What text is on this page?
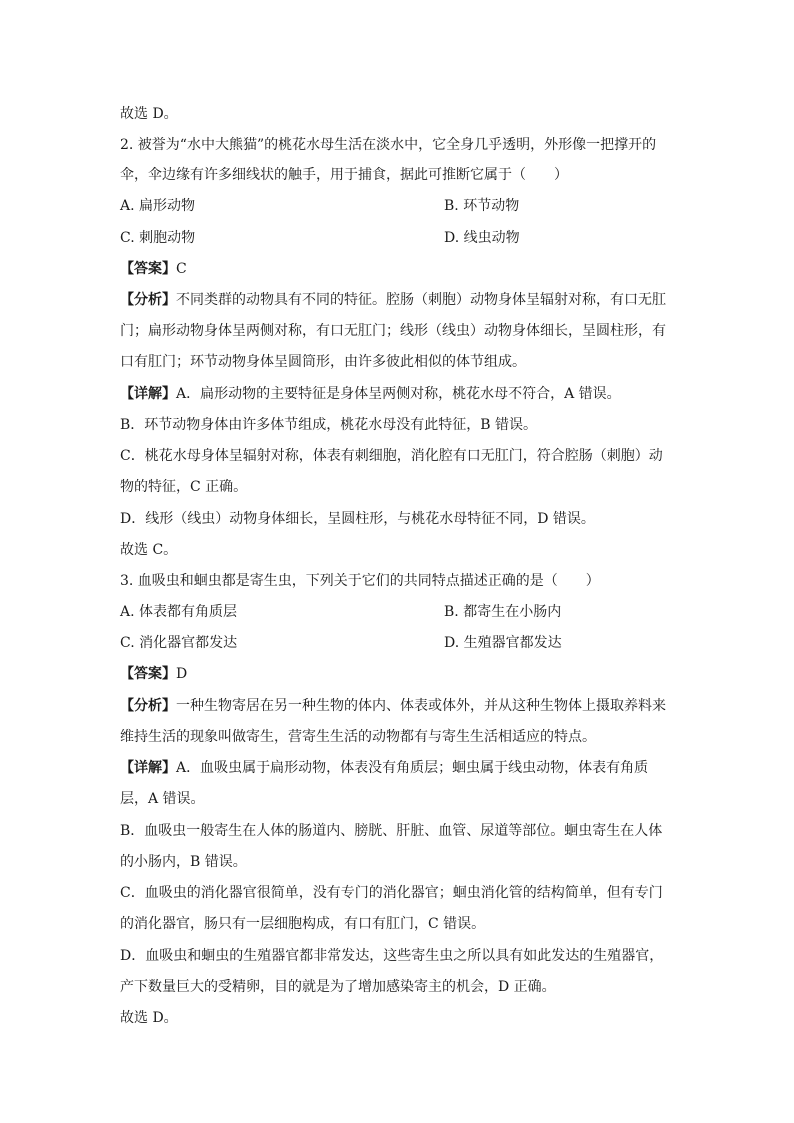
故选 D。
2. 被誉为“水中大熊猫”的桃花水母生活在淡水中，它全身几乎透明，外形像一把撑开的
伞，伞边缘有许多细线状的触手，用于捕食，据此可推断它属于（　　）
A. 扁形动物	B. 环节动物
C. 刺胞动物	D. 线虫动物
【答案】C
【分析】不同类群的动物具有不同的特征。腔肠（刺胞）动物身体呈辐射对称，有口无肛
门；扁形动物身体呈两侧对称，有口无肛门；线形（线虫）动物身体细长，呈圆柱形，有
口有肛门；环节动物身体呈圆筒形，由许多彼此相似的体节组成。
【详解】A．扁形动物的主要特征是身体呈两侧对称，桃花水母不符合，A 错误。
B．环节动物身体由许多体节组成，桃花水母没有此特征，B 错误。
C．桃花水母身体呈辐射对称，体表有刺细胞，消化腔有口无肛门，符合腔肠（刺胞）动
物的特征，C 正确。
D．线形（线虫）动物身体细长，呈圆柱形，与桃花水母特征不同，D 错误。
故选 C。
3. 血吸虫和蛔虫都是寄生虫，下列关于它们的共同特点描述正确的是（　　）
A. 体表都有角质层	B. 都寄生在小肠内
C. 消化器官都发达	D. 生殖器官都发达
【答案】D
【分析】一种生物寄居在另一种生物的体内、体表或体外，并从这种生物体上摄取养料来
维持生活的现象叫做寄生，营寄生生活的动物都有与寄生生活相适应的特点。
【详解】A．血吸虫属于扁形动物，体表没有角质层；蛔虫属于线虫动物，体表有角质
层，A 错误。
B．血吸虫一般寄生在人体的肠道内、膀胱、肝脏、血管、尿道等部位。蛔虫寄生在人体
的小肠内，B 错误。
C．血吸虫的消化器官很简单，没有专门的消化器官；蛔虫消化管的结构简单，但有专门
的消化器官，肠只有一层细胞构成，有口有肛门，C 错误。
D．血吸虫和蛔虫的生殖器官都非常发达，这些寄生虫之所以具有如此发达的生殖器官，
产下数量巨大的受精卵，目的就是为了增加感染寄主的机会，D 正确。
故选 D。
